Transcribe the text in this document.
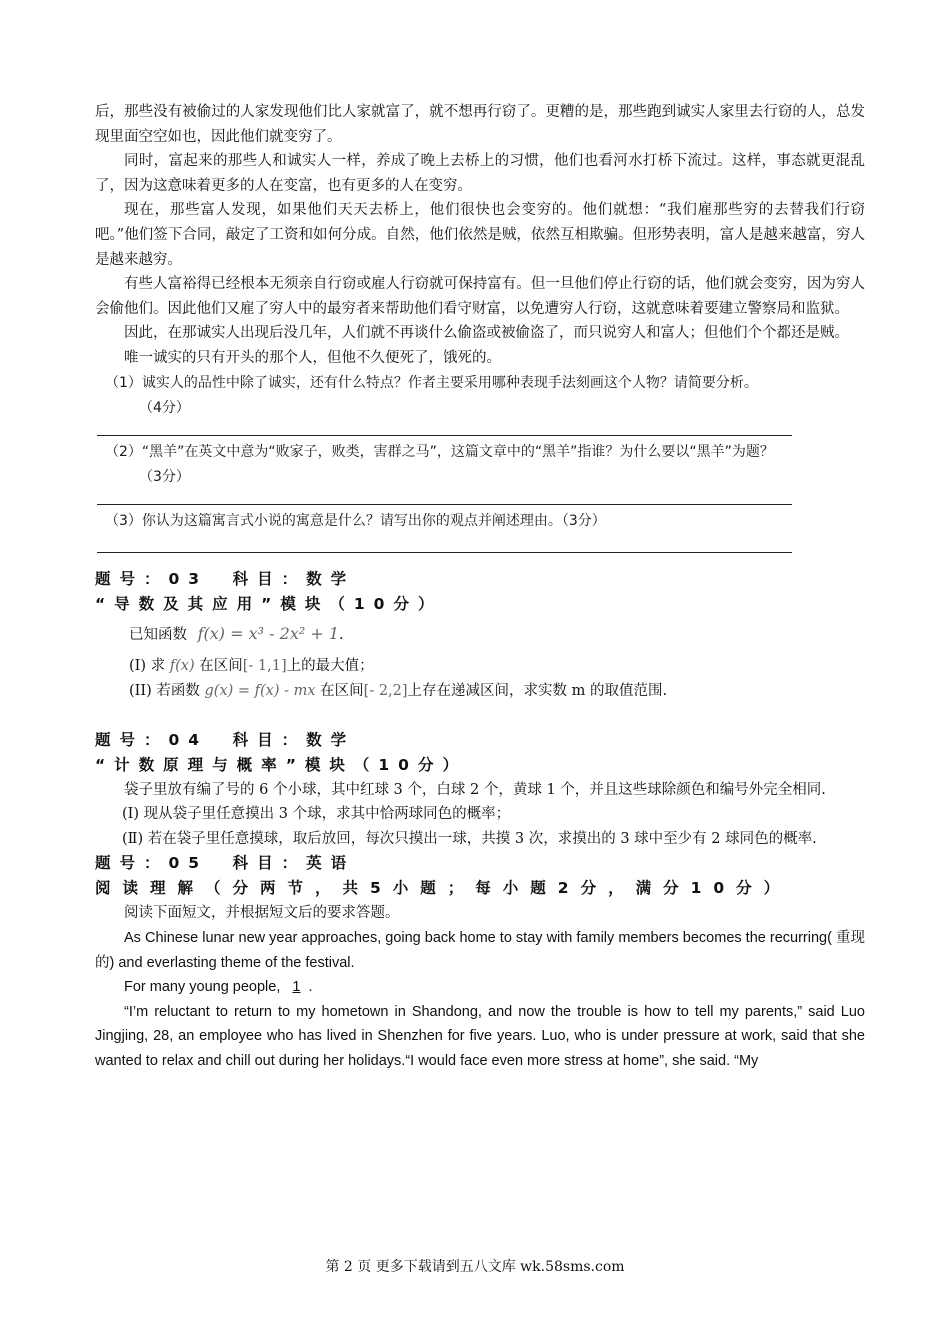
后，那些没有被偷过的人家发现他们比人家就富了，就不想再行窃了。更糟的是，那些跑到诚实人家里去行窃的人，总发现里面空空如也，因此他们就变穷了。

同时，富起来的那些人和诚实人一样，养成了晚上去桥上的习惯，他们也看河水打桥下流过。这样，事态就更混乱了，因为这意味着更多的人在变富，也有更多的人在变穷。

现在，那些富人发现，如果他们天天去桥上，他们很快也会变穷的。他们就想：“我们雇那些穷的去替我们行窃吧。”他们签下合同，敲定了工资和如何分成。自然，他们依然是贼，依然互相欺骗。但形势表明，富人是越来越富，穷人是越来越穷。

有些人富裕得已经根本无须亲自行窃或雇人行窃就可保持富有。但一旦他们停止行窃的话，他们就会变穷，因为穷人会偷他们。因此他们又雇了穷人中的最穷者来帮助他们看守财富，以免遭穷人行窃，这就意味着要建立警察局和监狱。

因此，在那诚实人出现后没几年，人们就不再谈什么偷盗或被偷盗了，而只说穷人和富人；但他们个个都还是贼。

唯一诚实的只有开头的那个人，但他不久便死了，饿死的。

（1）诚实人的品性中除了诚实，还有什么特点？作者主要采用哪种表现手法刻画这个人物？请简要分析。
（4分）

（2）“黑羊”在英文中意为“败家子，败类，害群之马”，这篇文章中的“黑羊”指谁？为什么要以“黑羊”为题？
（3分）

（3）你认为这篇寓言式小说的寓意是什么？请写出你的观点并阐述理由。（3分）

题号：03　科目：数学

“导数及其应用”模块（10分）

已知函数 f(x) = x³ - 2x² + 1.

(I) 求 f(x) 在区间[- 1,1]上的最大值；

(II) 若函数 g(x) = f(x) - mx 在区间[- 2,2]上存在递减区间，求实数 m 的取值范围.

题号：04　科目：数学

“计数原理与概率”模块（10分）

袋子里放有编了号的 6 个小球，其中红球 3 个，白球 2 个，黄球 1 个，并且这些球除颜色和编号外完全相同.

(Ⅰ) 现从袋子里任意摸出 3 个球，求其中恰两球同色的概率；

(Ⅱ) 若在袋子里任意摸球，取后放回，每次只摸出一球，共摸 3 次，求摸出的 3 球中至少有 2 球同色的概率.

题号：05　科目：英语

阅读理解（分两节，共5小题；每小题2分，满分10分）

阅读下面短文，并根据短文后的要求答题。

As Chinese lunar new year approaches, going back home to stay with family members becomes the recurring( 重现的) and everlasting theme of the festival.

For many young people, 1 .

“I’m reluctant to return to my hometown in Shandong, and now the trouble is how to tell my parents,” said Luo Jingjing, 28, an employee who has lived in Shenzhen for five years. Luo, who is under pressure at work, said that she wanted to relax and chill out during her holidays.“I would face even more stress at home”, she said. “My

第 2 页 更多下载请到五八文库 wk.58sms.com
